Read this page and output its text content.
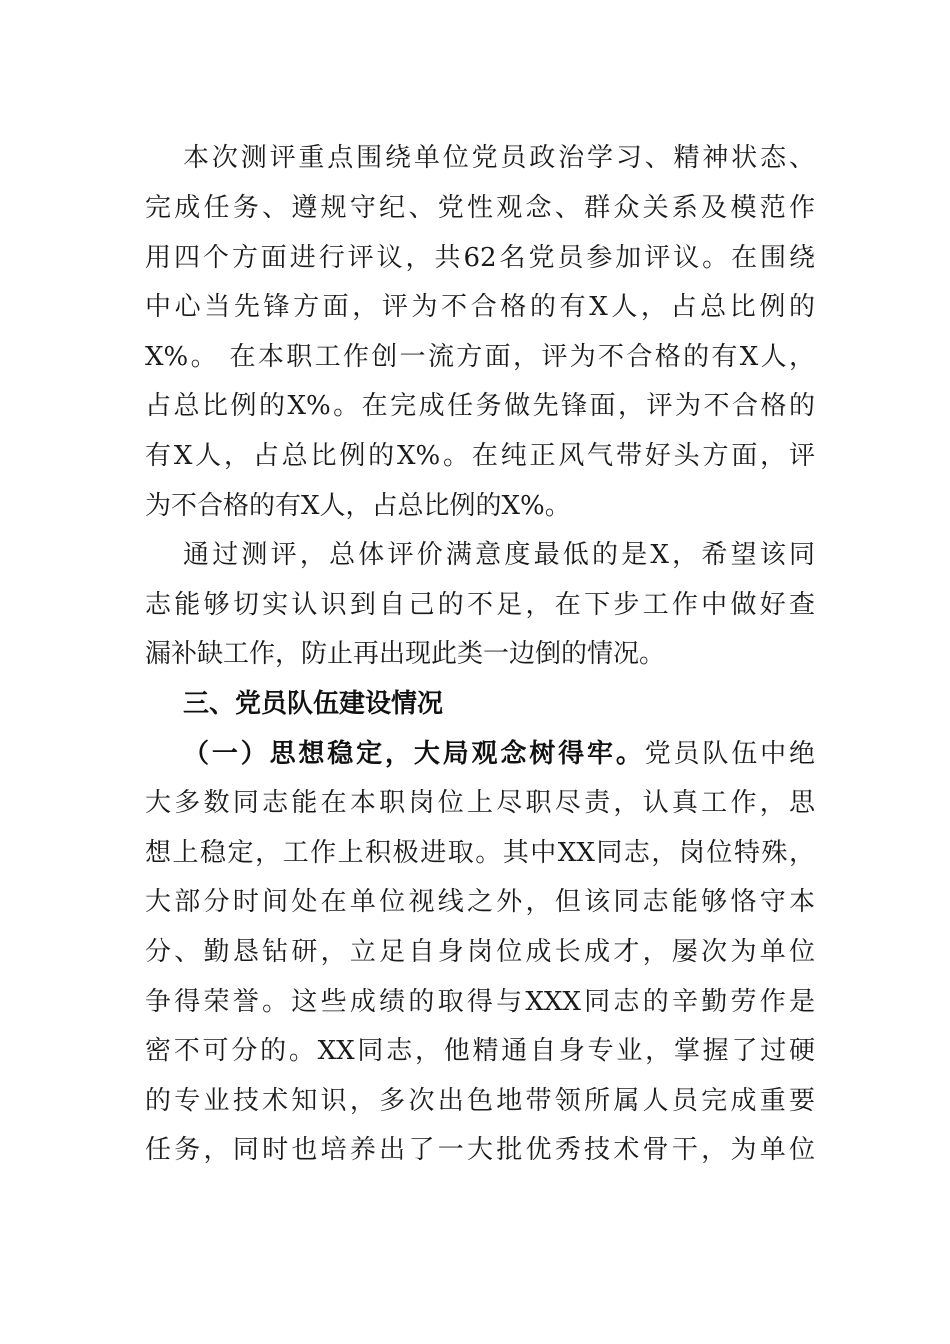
本次测评重点围绕单位党员政治学习、精神状态、
完成任务、遵规守纪、党性观念、群众关系及模范作
用四个方面进行评议，共62名党员参加评议。在围绕
中心当先锋方面，评为不合格的有X人，占总比例的
X%。 在本职工作创一流方面，评为不合格的有X人，
占总比例的X%。在完成任务做先锋面，评为不合格的
有X人，占总比例的X%。在纯正风气带好头方面，评
为不合格的有X人，占总比例的X%。
通过测评，总体评价满意度最低的是X，希望该同
志能够切实认识到自己的不足，在下步工作中做好查
漏补缺工作，防止再出现此类一边倒的情况。
三、党员队伍建设情况
（一）思想稳定，大局观念树得牢。党员队伍中绝
大多数同志能在本职岗位上尽职尽责，认真工作，思
想上稳定，工作上积极进取。其中XX同志，岗位特殊，
大部分时间处在单位视线之外，但该同志能够恪守本
分、勤恳钻研，立足自身岗位成长成才，屡次为单位
争得荣誉。这些成绩的取得与XXX同志的辛勤劳作是
密不可分的。XX同志，他精通自身专业，掌握了过硬
的专业技术知识，多次出色地带领所属人员完成重要
任务，同时也培养出了一大批优秀技术骨干，为单位
